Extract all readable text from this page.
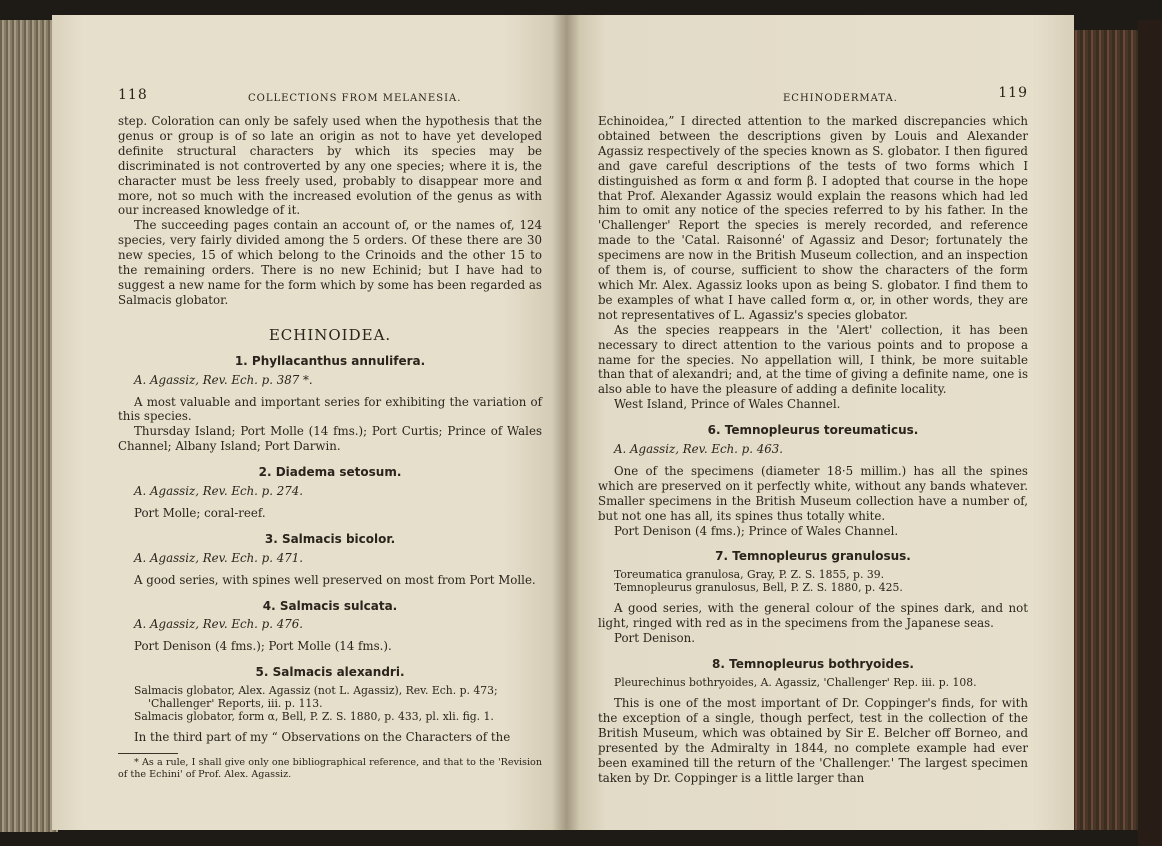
118	COLLECTIONS FROM MELANESIA.

step. Coloration can only be safely used when the hypothesis that the genus or group is of so late an origin as not to have yet developed definite structural characters by which its species may be discriminated is not controverted by any one species; where it is, the character must be less freely used, probably to disappear more and more, not so much with the increased evolution of the genus as with our increased knowledge of it.

The succeeding pages contain an account of, or the names of, 124 species, very fairly divided among the 5 orders. Of these there are 30 new species, 15 of which belong to the Crinoids and the other 15 to the remaining orders. There is no new Echinid; but I have had to suggest a new name for the form which by some has been regarded as Salmacis globator.

ECHINOIDEA.
1. Phyllacanthus annulifera.
A. Agassiz, Rev. Ech. p. 387 *.

A most valuable and important series for exhibiting the variation of this species.

Thursday Island; Port Molle (14 fms.); Port Curtis; Prince of Wales Channel; Albany Island; Port Darwin.

2. Diadema setosum.
A. Agassiz, Rev. Ech. p. 274.

Port Molle; coral-reef.

3. Salmacis bicolor.
A. Agassiz, Rev. Ech. p. 471.

A good series, with spines well preserved on most from Port Molle.

4. Salmacis sulcata.
A. Agassiz, Rev. Ech. p. 476.

Port Denison (4 fms.); Port Molle (14 fms.).

5. Salmacis alexandri.

Salmacis globator, Alex. Agassiz (not L. Agassiz), Rev. Ech. p. 473;

'Challenger' Reports, iii. p. 113.

Salmacis globator, form α, Bell, P. Z. S. 1880, p. 433, pl. xli. fig. 1.

In the third part of my “ Observations on the Characters of the

* As a rule, I shall give only one bibliographical reference, and that to the 'Revision of the Echini' of Prof. Alex. Agassiz.

ECHINODERMATA.	119

Echinoidea,” I directed attention to the marked discrepancies which obtained between the descriptions given by Louis and Alexander Agassiz respectively of the species known as S. globator. I then figured and gave careful descriptions of the tests of two forms which I distinguished as form α and form β. I adopted that course in the hope that Prof. Alexander Agassiz would explain the reasons which had led him to omit any notice of the species referred to by his father. In the 'Challenger' Report the species is merely recorded, and reference made to the 'Catal. Raisonné' of Agassiz and Desor; fortunately the specimens are now in the British Museum collection, and an inspection of them is, of course, sufficient to show the characters of the form which Mr. Alex. Agassiz looks upon as being S. globator. I find them to be examples of what I have called form α, or, in other words, they are not representatives of L. Agassiz's species globator.

As the species reappears in the 'Alert' collection, it has been necessary to direct attention to the various points and to propose a name for the species. No appellation will, I think, be more suitable than that of alexandri; and, at the time of giving a definite name, one is also able to have the pleasure of adding a definite locality.

West Island, Prince of Wales Channel.

6. Temnopleurus toreumaticus.
A. Agassiz, Rev. Ech. p. 463.

One of the specimens (diameter 18·5 millim.) has all the spines which are preserved on it perfectly white, without any bands whatever. Smaller specimens in the British Museum collection have a number of, but not one has all, its spines thus totally white.

Port Denison (4 fms.); Prince of Wales Channel.

7. Temnopleurus granulosus.

Toreumatica granulosa, Gray, P. Z. S. 1855, p. 39.

Temnopleurus granulosus, Bell, P. Z. S. 1880, p. 425.

A good series, with the general colour of the spines dark, and not light, ringed with red as in the specimens from the Japanese seas.

Port Denison.

8. Temnopleurus bothryoides.

Pleurechinus bothryoides, A. Agassiz, 'Challenger' Rep. iii. p. 108.

This is one of the most important of Dr. Coppinger's finds, for with the exception of a single, though perfect, test in the collection of the British Museum, which was obtained by Sir E. Belcher off Borneo, and presented by the Admiralty in 1844, no complete example had ever been examined till the return of the 'Challenger.' The largest specimen taken by Dr. Coppinger is a little larger than
